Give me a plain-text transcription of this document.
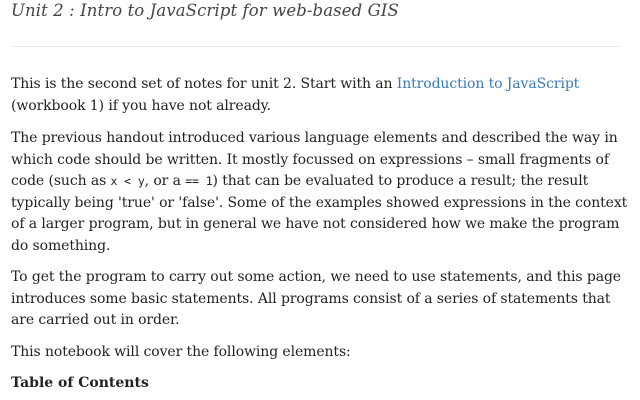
Unit 2 : Intro to JavaScript for web-based GIS

This is the second set of notes for unit 2. Start with an Introduction to JavaScript (workbook 1) if you have not already.

The previous handout introduced various language elements and described the way in which code should be written. It mostly focussed on expressions – small fragments of code (such as x < y, or a == 1) that can be evaluated to produce a result; the result typically being 'true' or 'false'. Some of the examples showed expressions in the context of a larger program, but in general we have not considered how we make the program do something.

To get the program to carry out some action, we need to use statements, and this page introduces some basic statements. All programs consist of a series of statements that are carried out in order.

This notebook will cover the following elements:

Table of Contents
